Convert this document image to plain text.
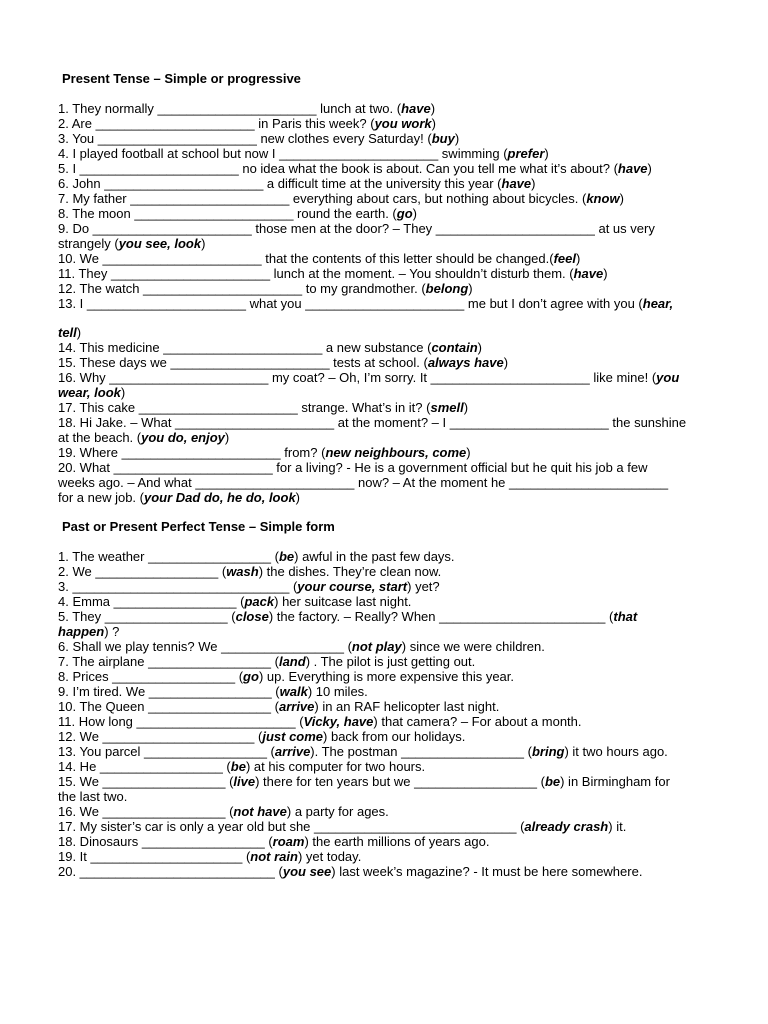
Present Tense – Simple or progressive
1. They normally ______________________ lunch at two. (have)
2. Are ______________________ in Paris this week? (you work)
3. You ______________________ new clothes every Saturday! (buy)
4. I played football at school but now I ______________________ swimming (prefer)
5. I ______________________ no idea what the book is about. Can you tell me what it’s about? (have)
6. John ______________________ a difficult time at the university this year (have)
7. My father ______________________ everything about cars, but nothing about bicycles. (know)
8. The moon ______________________ round the earth. (go)
9. Do ______________________ those men at the door? – They ______________________ at us very
strangely (you see, look)
10. We ______________________ that the contents of this letter should be changed.(feel)
11. They ______________________ lunch at the moment. – You shouldn’t disturb them. (have)
12. The watch ______________________ to my grandmother. (belong)
13. I ______________________ what you ______________________ me but I don’t agree with you (hear,
tell)
14. This medicine ______________________ a new substance (contain)
15. These days we ______________________ tests at school. (always have)
16. Why ______________________ my coat? – Oh, I’m sorry. It ______________________ like mine! (you
wear, look)
17. This cake ______________________ strange. What’s in it? (smell)
18. Hi Jake. – What ______________________ at the moment? – I ______________________ the sunshine
at the beach. (you do, enjoy)
19. Where ______________________ from? (new neighbours, come)
20. What ______________________ for a living? - He is a government official but he quit his job a few
weeks ago. – And what ______________________ now? – At the moment he ______________________
for a new job. (your Dad do, he do, look)
Past or Present Perfect Tense – Simple form
1. The weather _________________ (be) awful in the past few days.
2. We _________________ (wash) the dishes. They’re clean now.
3. ______________________________ (your course, start) yet?
4. Emma _________________ (pack) her suitcase last night.
5. They _________________ (close) the factory. – Really? When _______________________ (that
happen) ?
6. Shall we play tennis? We _________________ (not play) since we were children.
7. The airplane _________________ (land) . The pilot is just getting out.
8. Prices _________________ (go) up. Everything is more expensive this year.
9. I’m tired. We _________________ (walk) 10 miles.
10. The Queen _________________ (arrive) in an RAF helicopter last night.
11. How long ______________________ (Vicky, have) that camera? – For about a month.
12. We _____________________ (just come) back from our holidays.
13. You parcel _________________ (arrive). The postman _________________ (bring) it two hours ago.
14. He _________________ (be) at his computer for two hours.
15. We _________________ (live) there for ten years but we _________________ (be) in Birmingham for
the last two.
16. We _________________ (not have) a party for ages.
17. My sister’s car is only a year old but she ____________________________ (already crash) it.
18. Dinosaurs _________________ (roam) the earth millions of years ago.
19. It _____________________ (not rain) yet today.
20. ___________________________ (you see) last week’s magazine? - It must be here somewhere.
